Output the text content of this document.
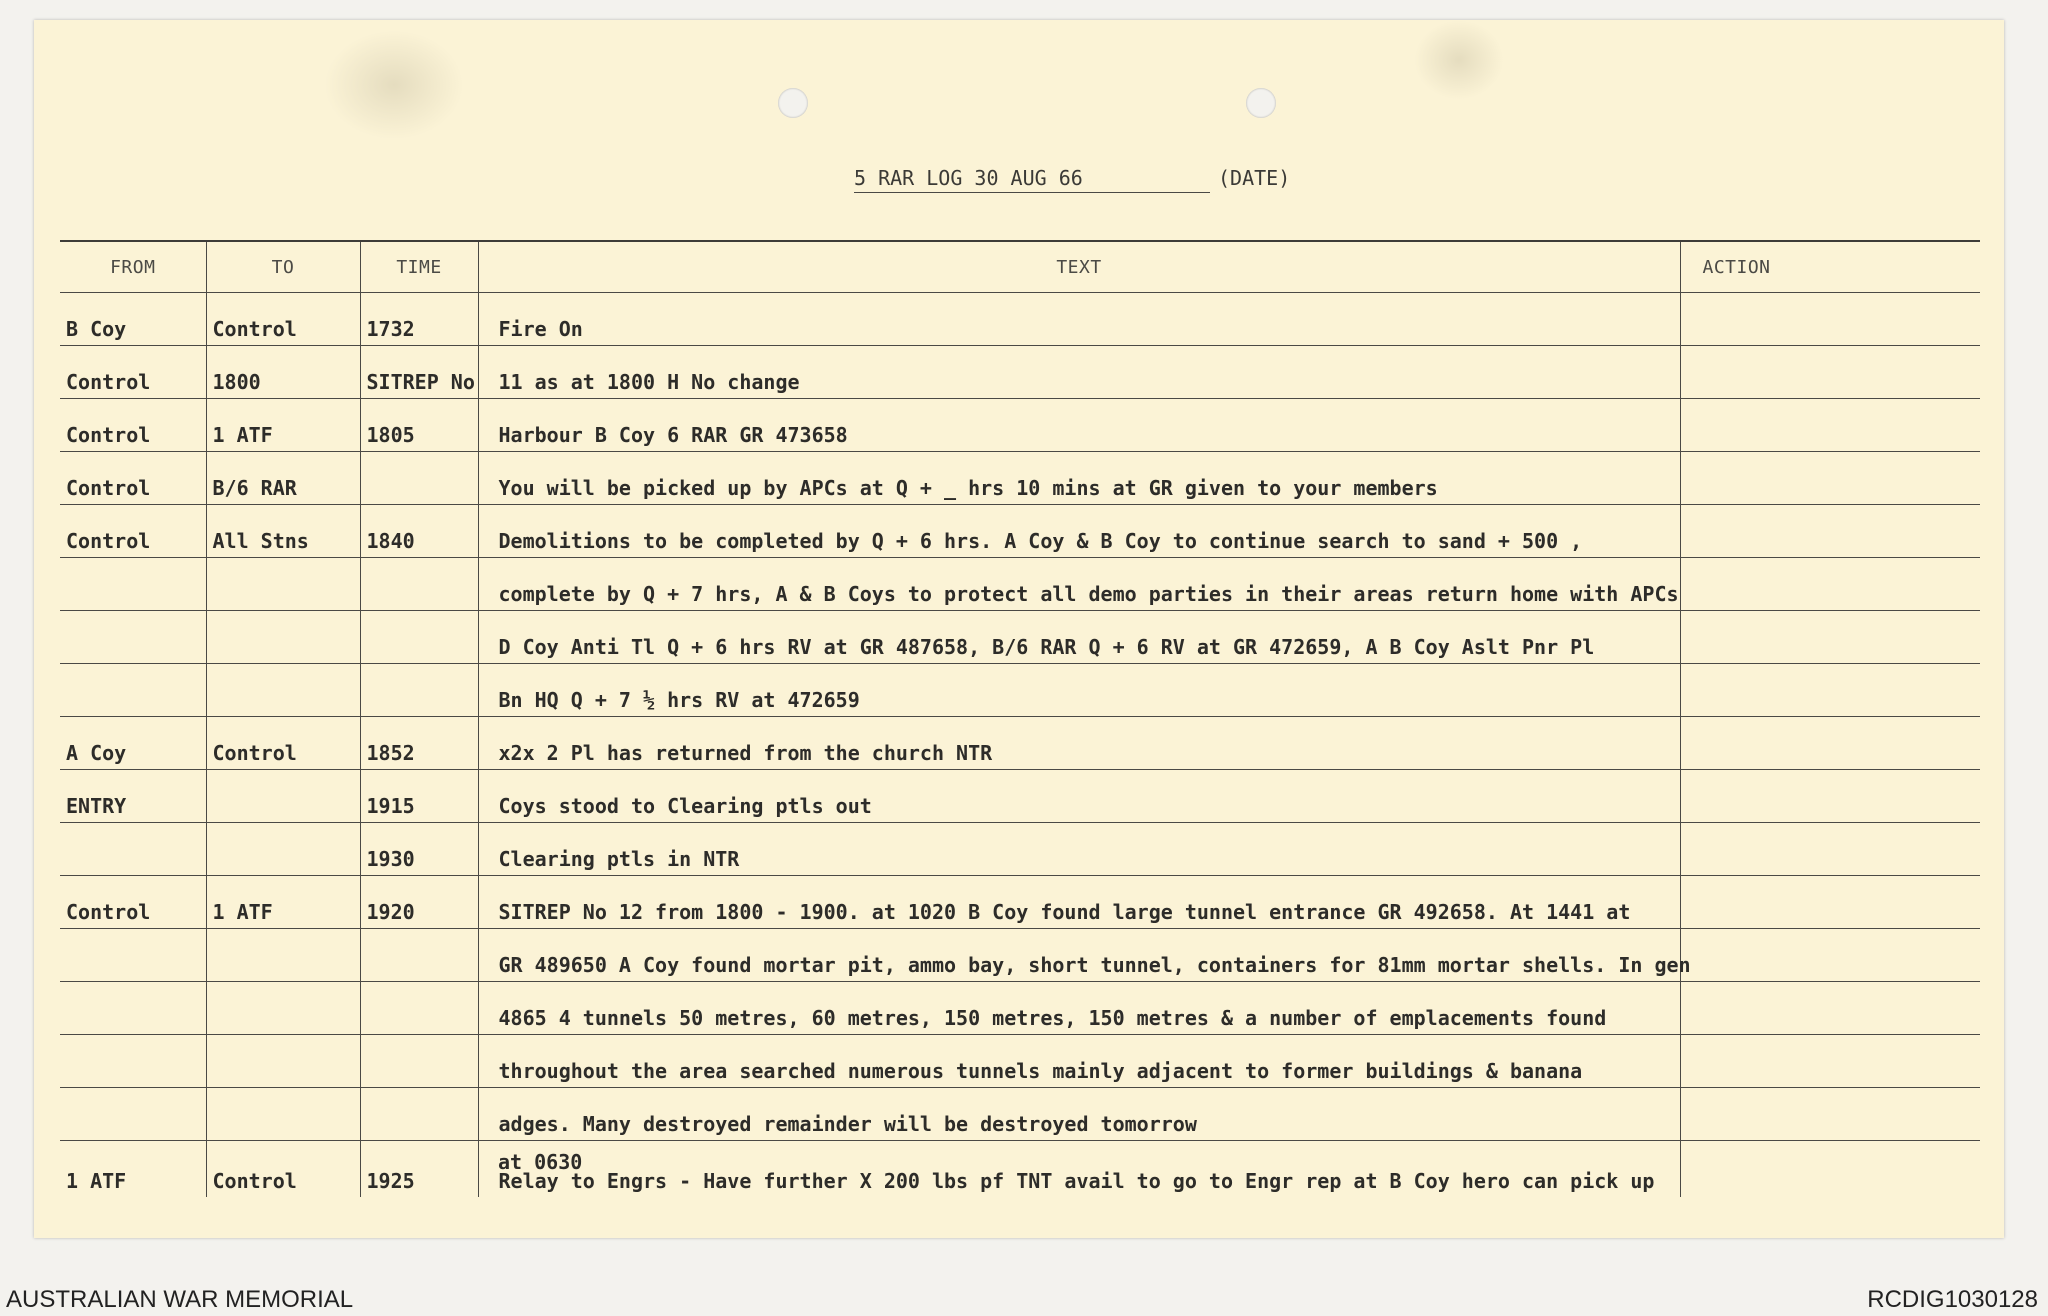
5 RAR LOG 30 AUG 66	(DATE)
FROM	TO	TIME	TEXT	ACTION
B Coy	Control	1732	Fire On	
Control	1800	SITREP No	11 as at 1800 H No change	
Control	1 ATF	1805	Harbour B Coy 6 RAR GR 473658	
Control	B/6 RAR		You will be picked up by APCs at Q + _ hrs 10 mins at GR given to your members	
Control	All Stns	1840	Demolitions to be completed by Q + 6 hrs. A Coy & B Coy to continue search to sand + 500 ,	
			complete by Q + 7 hrs, A & B Coys to protect all demo parties in their areas return home with APCs	
			D Coy Anti Tl Q + 6 hrs RV at GR 487658, B/6 RAR Q + 6 RV at GR 472659, A B Coy Aslt Pnr Pl	
			Bn HQ Q + 7 ½ hrs RV at 472659	
A Coy	Control	1852	x2x 2 Pl has returned from the church NTR	
ENTRY		1915	Coys stood to Clearing ptls out	
		1930	Clearing ptls in NTR	
Control	1 ATF	1920	SITREP No 12 from 1800 - 1900. at 1020 B Coy found large tunnel entrance GR 492658. At 1441 at	
			GR 489650 A Coy found mortar pit, ammo bay, short tunnel, containers for 81mm mortar shells. In gen	
			4865 4 tunnels 50 metres, 60 metres, 150 metres, 150 metres & a number of emplacements found	
			throughout the area searched numerous tunnels mainly adjacent to former buildings & banana	
			adges. Many destroyed remainder will be destroyed tomorrow	
1 ATF	Control	1925	Relay to Engrs - Have further X 200 lbs pf TNT avail to go to Engr rep at B Coy hero can pick up	
at 0630
AUSTRALIAN WAR MEMORIAL	RCDIG1030128
